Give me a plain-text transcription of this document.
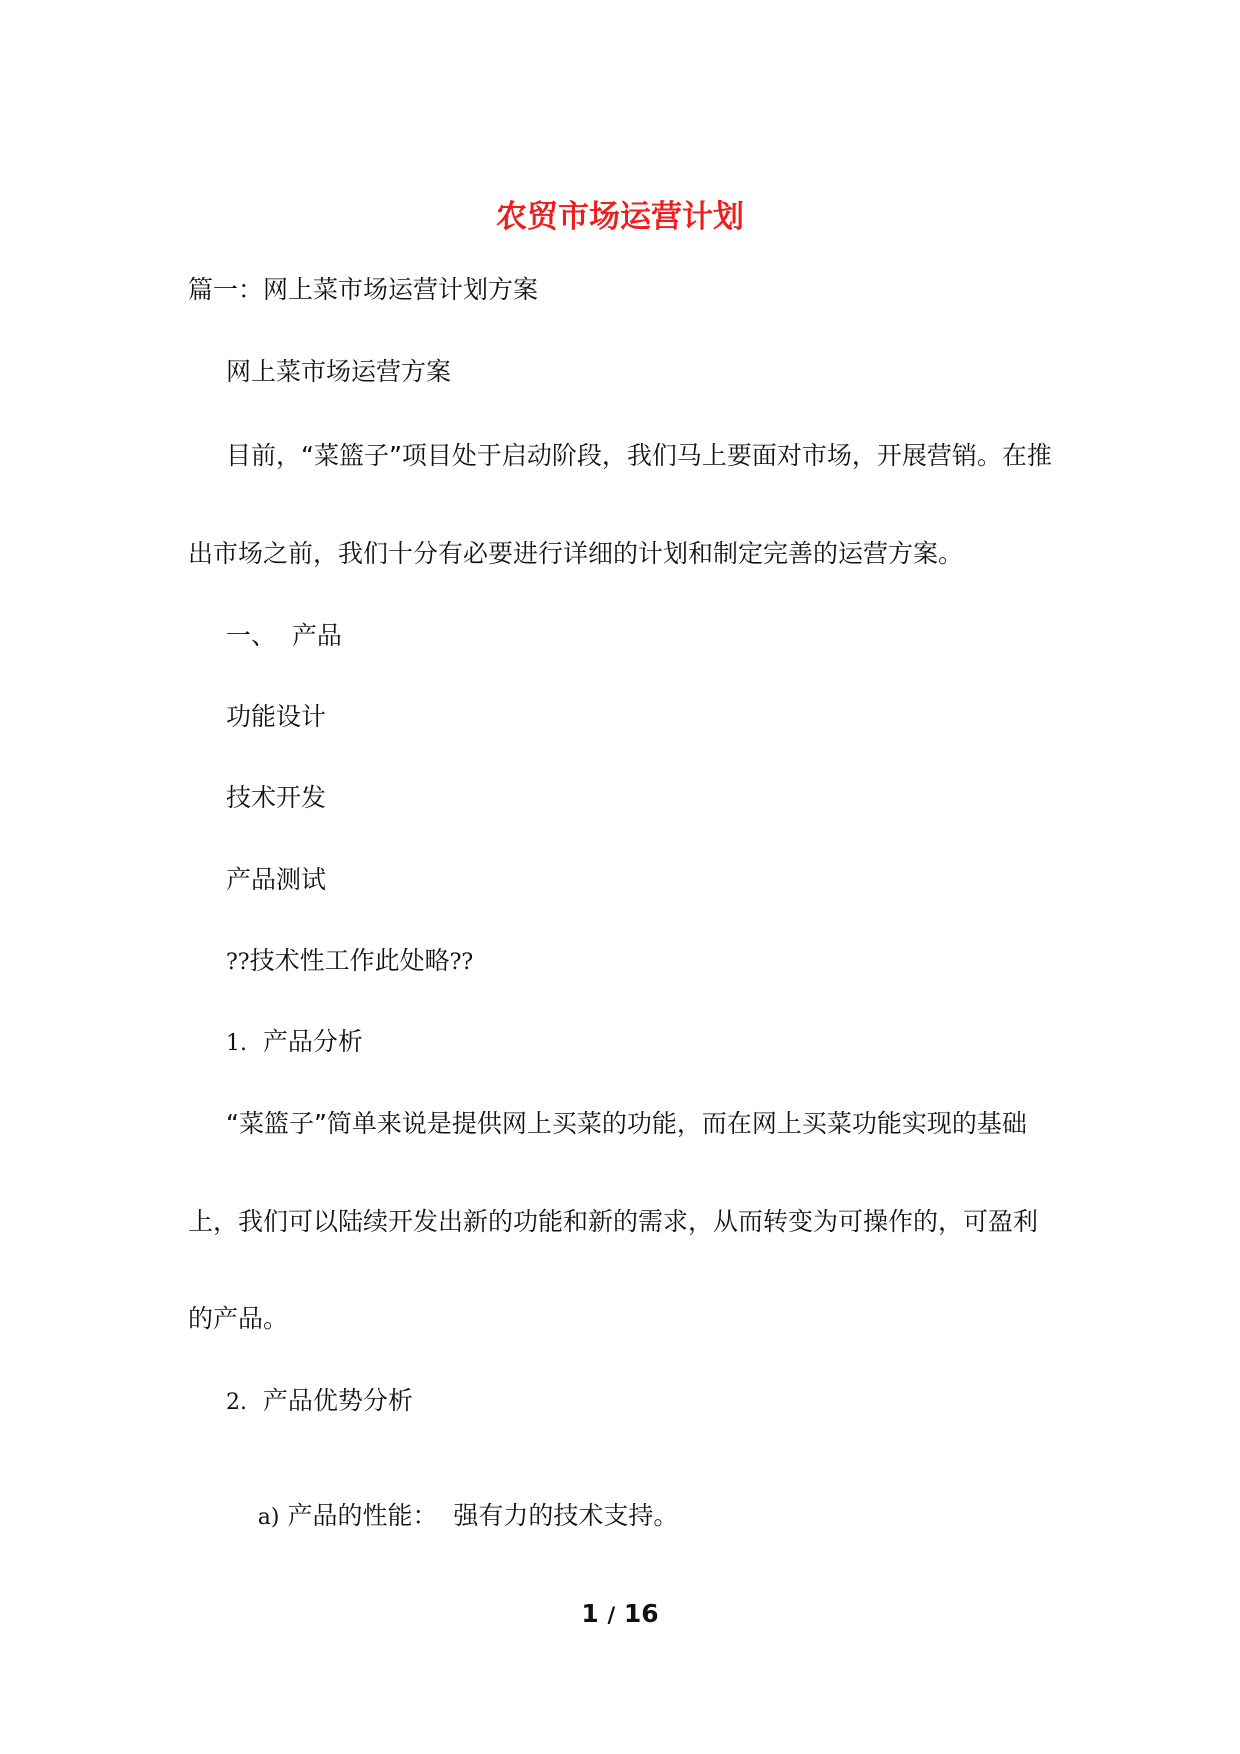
农贸市场运营计划
篇一：网上菜市场运营计划方案
网上菜市场运营方案
目前，“菜篮子”项目处于启动阶段，我们马上要面对市场，开展营销。在推
出市场之前，我们十分有必要进行详细的计划和制定完善的运营方案。
一、  产品
功能设计
技术开发
产品测试
??技术性工作此处略??
1. 产品分析
“菜篮子”简单来说是提供网上买菜的功能，而在网上买菜功能实现的基础
上，我们可以陆续开发出新的功能和新的需求，从而转变为可操作的，可盈利
的产品。
2. 产品优势分析

a) 产品的性能：  强有力的技术支持。

1 / 16
